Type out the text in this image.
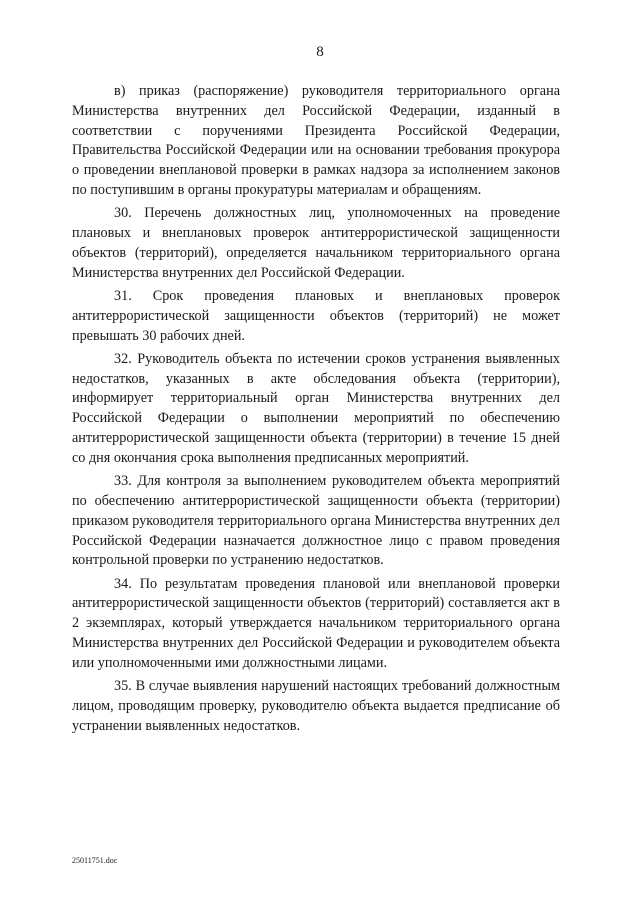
8

в) приказ (распоряжение) руководителя территориального органа Министерства внутренних дел Российской Федерации, изданный в соответствии с поручениями Президента Российской Федерации, Правительства Российской Федерации или на основании требования прокурора о проведении внеплановой проверки в рамках надзора за исполнением законов по поступившим в органы прокуратуры материалам и обращениям.

30. Перечень должностных лиц, уполномоченных на проведение плановых и внеплановых проверок антитеррористической защищенности объектов (территорий), определяется начальником территориального органа Министерства внутренних дел Российской Федерации.

31. Срок проведения плановых и внеплановых проверок антитеррористической защищенности объектов (территорий) не может превышать 30 рабочих дней.

32. Руководитель объекта по истечении сроков устранения выявленных недостатков, указанных в акте обследования объекта (территории), информирует территориальный орган Министерства внутренних дел Российской Федерации о выполнении мероприятий по обеспечению антитеррористической защищенности объекта (территории) в течение 15 дней со дня окончания срока выполнения предписанных мероприятий.

33. Для контроля за выполнением руководителем объекта мероприятий по обеспечению антитеррористической защищенности объекта (территории) приказом руководителя территориального органа Министерства внутренних дел Российской Федерации назначается должностное лицо с правом проведения контрольной проверки по устранению недостатков.

34. По результатам проведения плановой или внеплановой проверки антитеррористической защищенности объектов (территорий) составляется акт в 2 экземплярах, который утверждается начальником территориального органа Министерства внутренних дел Российской Федерации и руководителем объекта или уполномоченными ими должностными лицами.

35. В случае выявления нарушений настоящих требований должностным лицом, проводящим проверку, руководителю объекта выдается предписание об устранении выявленных недостатков.

25011751.doc
